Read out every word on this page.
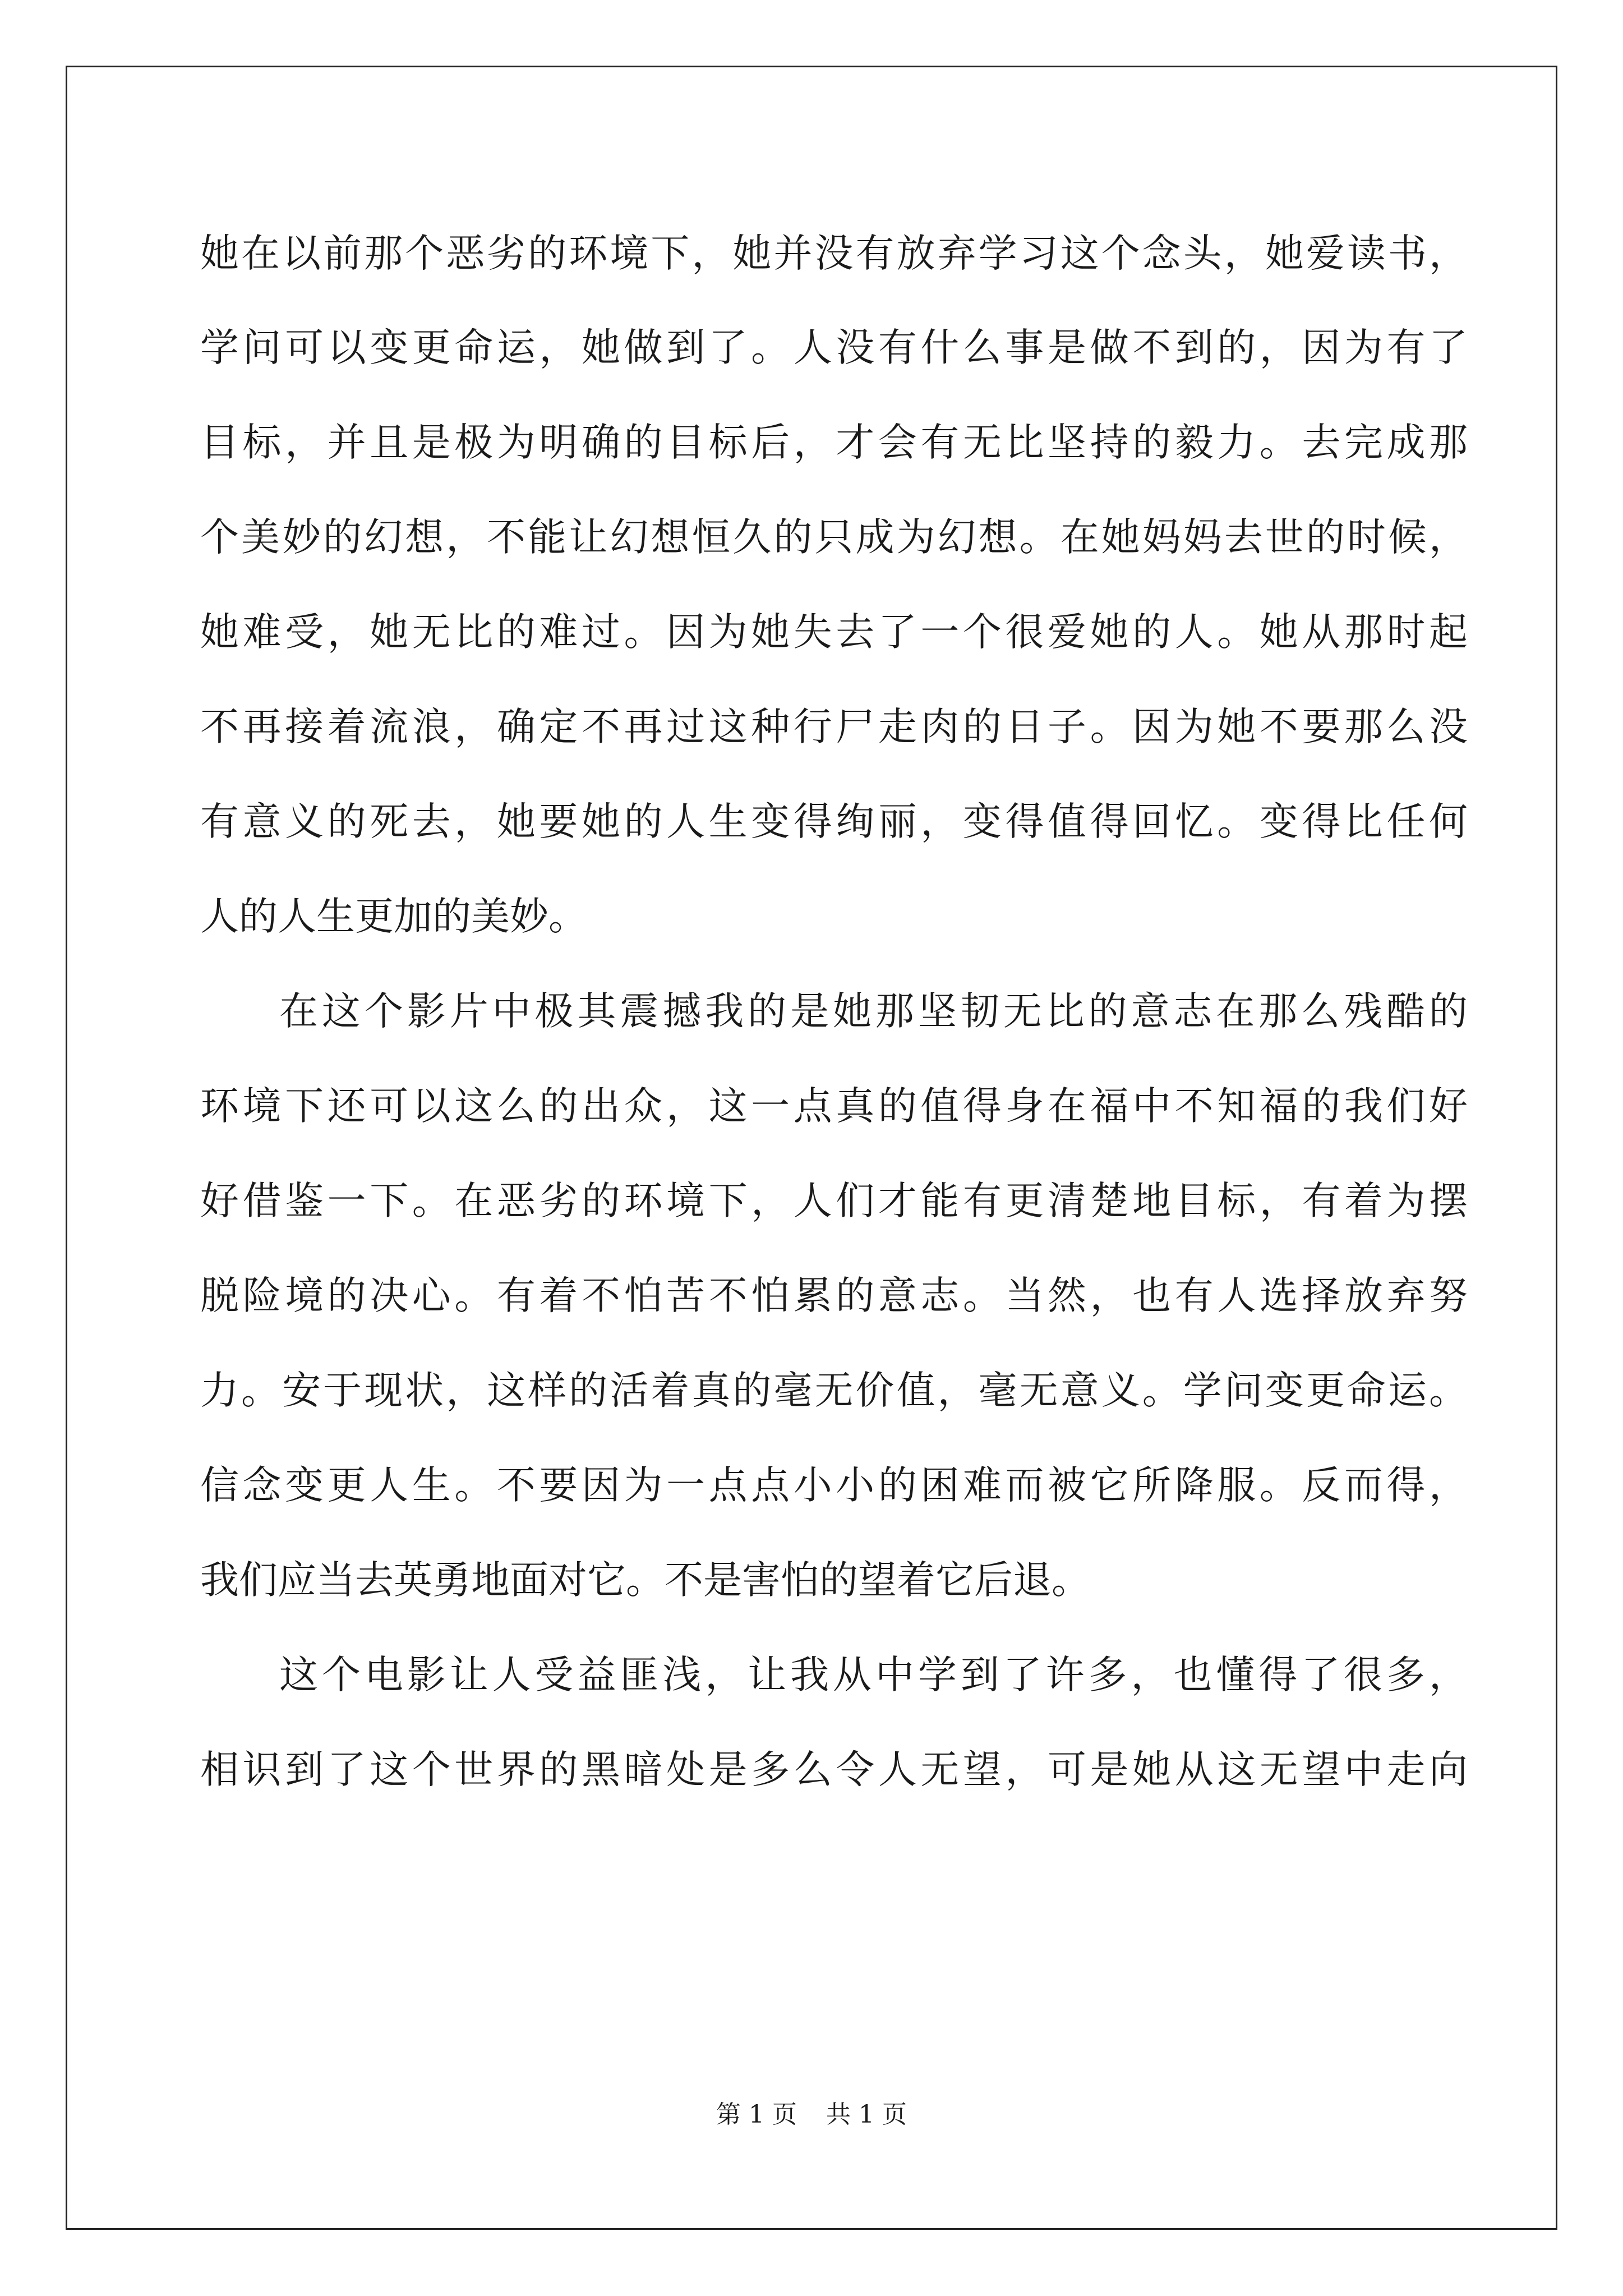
她在以前那个恶劣的环境下，她并没有放弃学习这个念头，她爱读书，
学问可以变更命运，她做到了。人没有什么事是做不到的，因为有了
目标，并且是极为明确的目标后，才会有无比坚持的毅力。去完成那
个美妙的幻想，不能让幻想恒久的只成为幻想。在她妈妈去世的时候，
她难受，她无比的难过。因为她失去了一个很爱她的人。她从那时起
不再接着流浪，确定不再过这种行尸走肉的日子。因为她不要那么没
有意义的死去，她要她的人生变得绚丽，变得值得回忆。变得比任何
人的人生更加的美妙。
在这个影片中极其震撼我的是她那坚韧无比的意志在那么残酷的
环境下还可以这么的出众，这一点真的值得身在福中不知福的我们好
好借鉴一下。在恶劣的环境下，人们才能有更清楚地目标，有着为摆
脱险境的决心。有着不怕苦不怕累的意志。当然，也有人选择放弃努
力。安于现状，这样的活着真的毫无价值，毫无意义。学问变更命运。
信念变更人生。不要因为一点点小小的困难而被它所降服。反而得，
我们应当去英勇地面对它。不是害怕的望着它后退。
这个电影让人受益匪浅，让我从中学到了许多，也懂得了很多，
相识到了这个世界的黑暗处是多么令人无望，可是她从这无望中走向
第 1 页 共 1 页
